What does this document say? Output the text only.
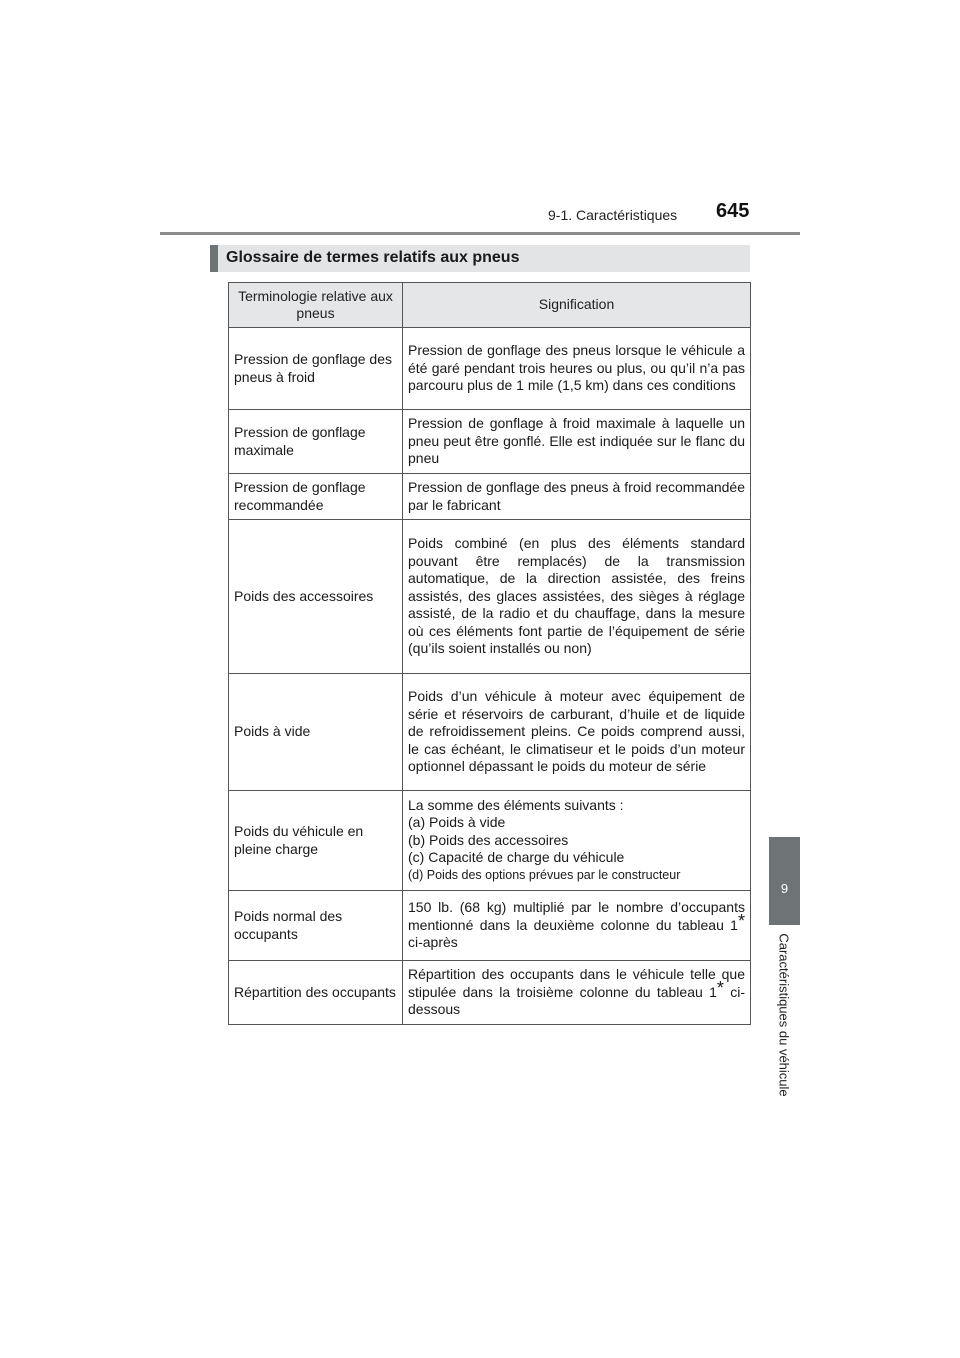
9-1. Caractéristiques 645
9
Caractéristiques du véhicule
Glossaire de termes relatifs aux pneus
Terminologie relative aux pneus	Signification
Pression de gonflage des pneus à froid	Pression de gonflage des pneus lorsque le véhicule a été garé pendant trois heures ou plus, ou qu’il n’a pas parcouru plus de 1 mile (1,5 km) dans ces conditions
Pression de gonflage maximale	Pression de gonflage à froid maximale à laquelle un pneu peut être gonflé. Elle est indiquée sur le flanc du pneu
Pression de gonflage recommandée	Pression de gonflage des pneus à froid recommandée par le fabricant
Poids des accessoires	Poids combiné (en plus des éléments standard pouvant être remplacés) de la transmission automatique, de la direction assistée, des freins assistés, des glaces assistées, des sièges à réglage assisté, de la radio et du chauffage, dans la mesure où ces éléments font partie de l’équipement de série (qu’ils soient installés ou non)
Poids à vide	Poids d’un véhicule à moteur avec équipement de série et réservoirs de carburant, d’huile et de liquide de refroidissement pleins. Ce poids comprend aussi, le cas échéant, le climatiseur et le poids d’un moteur optionnel dépassant le poids du moteur de série
Poids du véhicule en pleine charge	La somme des éléments suivants :
(a) Poids à vide
(b) Poids des accessoires
(c) Capacité de charge du véhicule
(d) Poids des options prévues par le constructeur

Poids normal des occupants	150 lb. (68 kg) multiplié par le nombre d’occupants mentionné dans la deuxième colonne du tableau 1* ci-après
Répartition des occupants	Répartition des occupants dans le véhicule telle que stipulée dans la troisième colonne du tableau 1* ci-dessous
